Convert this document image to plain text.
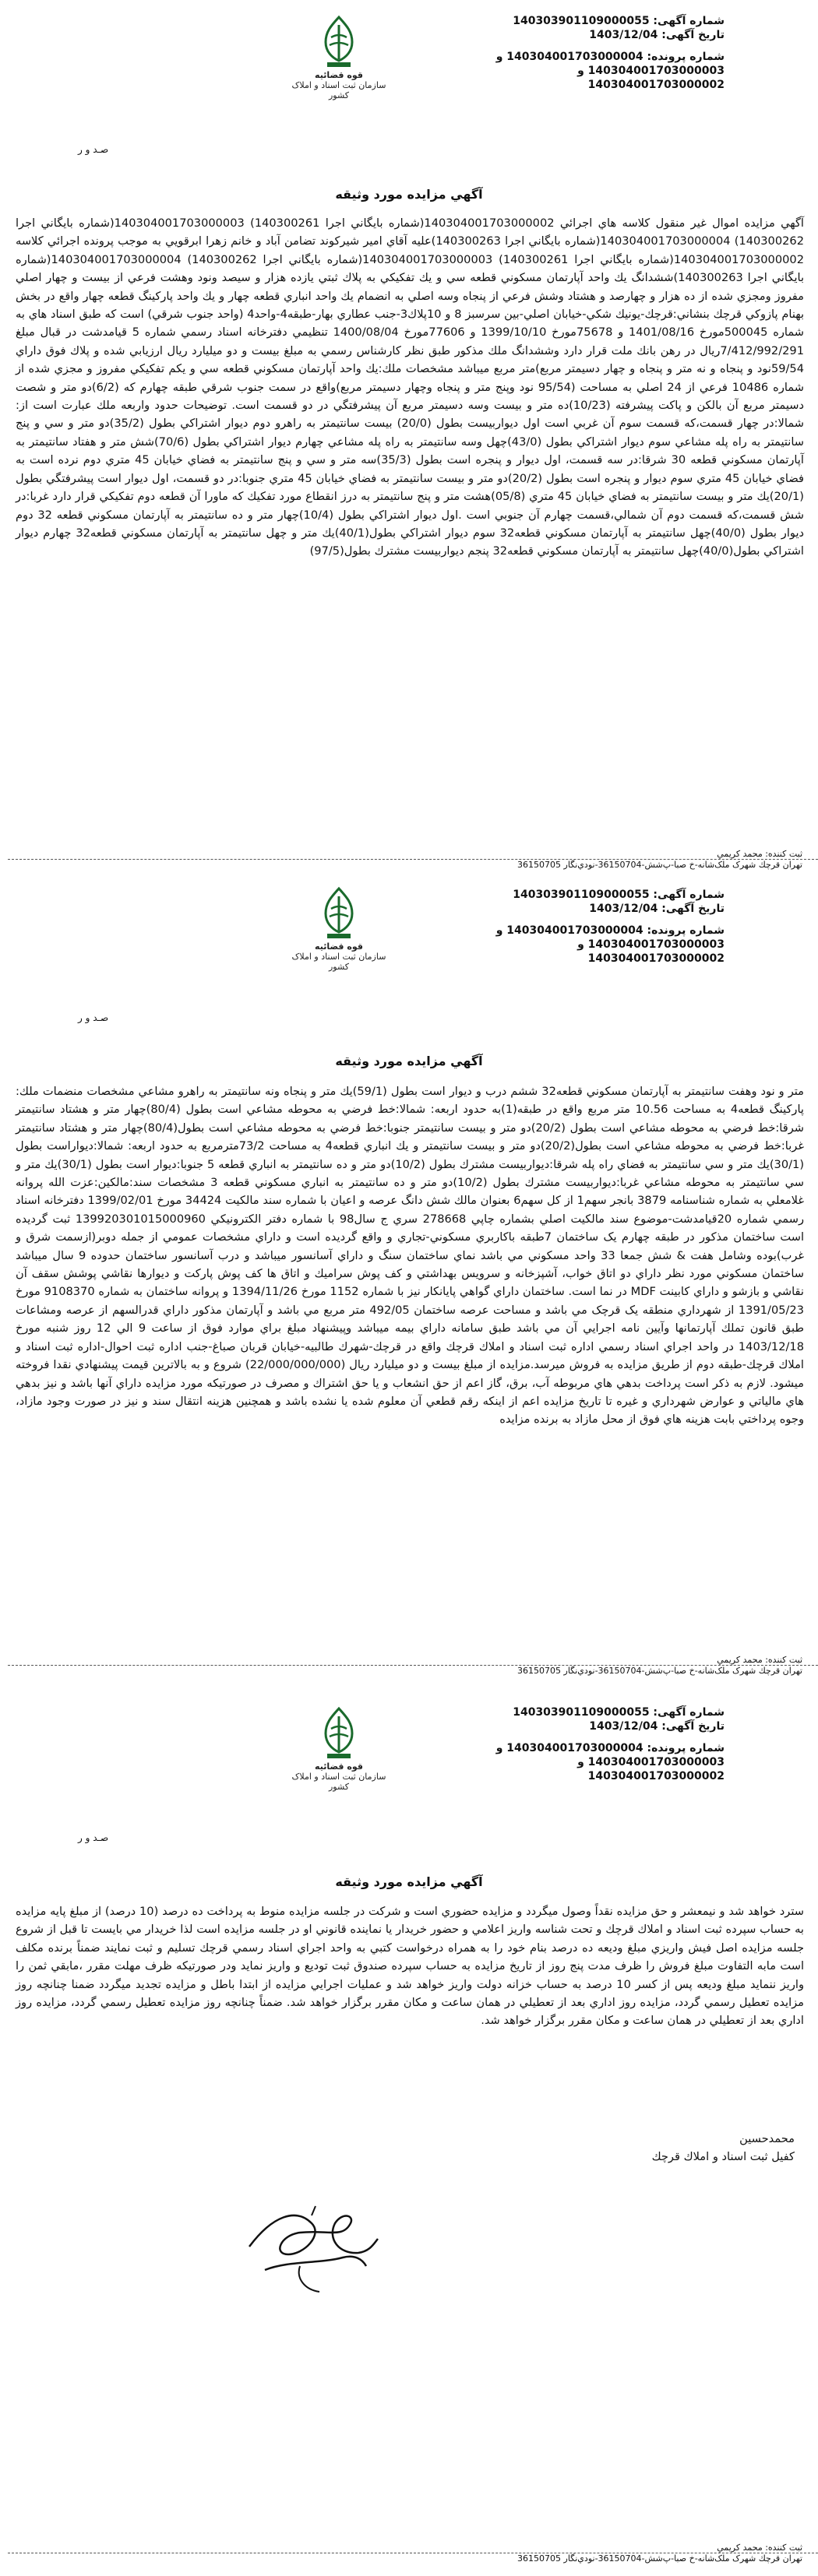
شماره آگهی: 140303901109000055
تاریخ آگهی: 1403/12/04
شماره پرونده: 140304001703000004 و
140304001703000003 و
140304001703000002
قوه قضائیه
سازمان ثبت اسناد و املاک کشور
صـد و ر
آگهي مزايده مورد وثيقه

آگهي مزايده اموال غير منقول كلاسه هاي اجرائي 140304001703000002(شماره بايگاني اجرا 140300261) 140304001703000003(شماره بايگاني اجرا 140300262) 140304001703000004(شماره بايگاني اجرا 140300263)عليه آقاي امير شيركوند تضامن آباد و خانم زهرا ابرقويي به موجب پرونده اجرائي كلاسه 140304001703000002(شماره بايگاني اجرا 140300261) 140304001703000003(شماره بايگاني اجرا 140300262) 140304001703000004(شماره بايگاني اجرا 140300263)ششدانگ يك واحد آپارتمان مسكوني قطعه سي و يك تفكيكي به پلاك ثبتي يازده هزار و سيصد ونود وهشت فرعي از بيست و چهار اصلي مفروز ومجزي شده از ده هزار و چهارصد و هشتاد وشش فرعي از پنجاه وسه اصلي به انضمام يك واحد انباري قطعه چهار و يك واحد پاركينگ قطعه چهار واقع در بخش بهنام پازوكي قرچك بنشاني:قرچك-يونيك شكي-خيابان اصلي-بين سرسبز 8 و 10پلاك3-جنب عطاري بهار-طبقه4-واحد4 (واحد جنوب شرقي) است كه طبق اسناد هاي به شماره 500045مورخ 1401/08/16 و 75678مورخ 1399/10/10 و 77606مورخ 1400/08/04 تنظيمي دفترخانه اسناد رسمي شماره 5 قيامدشت در قبال مبلغ 7/412/992/291ريال در رهن بانك ملت قرار دارد وششدانگ ملك مذكور طبق نظر كارشناس رسمي به مبلغ بيست و دو ميليارد ريال ارزيابي شده و پلاك فوق داراي 59/54نود و پنجاه و نه متر و پنجاه و چهار دسيمتر مربع)متر مربع ميباشد مشخصات ملك:يك واحد آپارتمان مسكوني قطعه سي و يكم تفكيكي مفروز و مجزي شده از شماره 10486 فرعي از 24 اصلي به مساحت (95/54 نود وپنج متر و پنجاه وچهار دسيمتر مربع)واقع در سمت جنوب شرقي طبقه چهارم كه (6/2)دو متر و شصت دسيمتر مربع آن بالكن و پاكت پيشرفته (10/23)ده متر و بيست وسه دسيمتر مربع آن پيشرفتگي در دو قسمت است. توضيحات حدود واربعه ملك عبارت است از: شمالا:در چهار قسمت،كه قسمت سوم آن غربي است اول ديواربيست بطول (20/0) بيست سانتيمتر به راهرو دوم ديوار اشتراكي بطول (35/2)دو متر و سي و پنج سانتيمتر به راه پله مشاعي سوم ديوار اشتراكي بطول (43/0)چهل وسه سانتيمتر به راه پله مشاعي چهارم ديوار اشتراكي بطول (70/6)شش متر و هفتاد سانتيمتر به آپارتمان مسكوني قطعه 30 شرقا:در سه قسمت، اول ديوار و پنجره است بطول (35/3)سه متر و سي و پنج سانتيمتر به فضاي خيابان 45 متري دوم نرده است به فضاي خيابان 45 متري سوم ديوار و پنجره است بطول (20/2)دو متر و بيست سانتيمتر به فضاي خيابان 45 متري جنوبا:در دو قسمت، اول ديوار است پيشرفتگي بطول (20/1)يك متر و بيست سانتيمتر به فضاي خيابان 45 متري (05/8)هشت متر و پنج سانتيمتر به درز انقطاع مورد تفكيك كه ماورا آن قطعه دوم تفكيكي قرار دارد غربا:در شش قسمت،كه قسمت دوم آن شمالي،قسمت چهارم آن جنوبي است .اول ديوار اشتراكي بطول (10/4)چهار متر و ده سانتيمتر به آپارتمان مسكوني قطعه 32 دوم ديوار بطول (40/0)چهل سانتيمتر به آپارتمان مسكوني قطعه32 سوم ديوار اشتراكي بطول(40/1)يك متر و چهل سانتيمتر به آپارتمان مسكوني قطعه32 چهارم ديوار اشتراكي بطول(40/0)چهل سانتيمتر به آپارتمان مسكوني قطعه32 پنجم ديواربيست مشترك بطول(97/5)

ثبت كننده: محمد كريمي
تهران قرچك شهرک ملک‌شانه-خ صبا-پ‌شش-36150704-نودي‌نگار 36150705
شماره آگهی: 140303901109000055
تاریخ آگهی: 1403/12/04
شماره پرونده: 140304001703000004 و
140304001703000003 و
140304001703000002
قوه قضائیه
سازمان ثبت اسناد و املاک کشور
صـد و ر
آگهي مزايده مورد وثيقه

متر و نود وهفت سانتيمتر به آپارتمان مسكوني قطعه32 ششم درب و ديوار است بطول (59/1)يك متر و پنجاه ونه سانتيمتر به راهرو مشاعي مشخصات منضمات ملك: پاركينگ قطعه4 به مساحت 10.56 متر مربع واقع در طبقه(1)به حدود اربعه: شمالا:خط فرضي به محوطه مشاعي است بطول (80/4)چهار متر و هشتاد سانتيمتر شرقا:خط فرضي به محوطه مشاعي است بطول (20/2)دو متر و بيست سانتيمتر جنوبا:خط فرضي به محوطه مشاعي است بطول(80/4)چهار متر و هشتاد سانتيمتر غربا:خط فرضي به محوطه مشاعي است بطول(20/2)دو متر و بيست سانتيمتر و يك انباري قطعه4 به مساحت 73/2مترمربع به حدود اربعه: شمالا:ديواراست بطول (30/1)يك متر و سي سانتيمتر به فضاي راه پله شرقا:ديواربيست مشترك بطول (10/2)دو متر و ده سانتيمتر به انباري قطعه 5 جنوبا:ديوار است بطول (30/1)يك متر و سي سانتيمتر به محوطه مشاعي غربا:ديواربيست مشترك بطول (10/2)دو متر و ده سانتيمتر به انباري مسكوني قطعه 3 مشخصات سند:مالكين:عزت الله پروانه غلامعلي به شماره شناسنامه 3879 بانجر سهم1 از كل سهم6 بعنوان مالك شش دانگ عرصه و اعيان با شماره سند مالكيت 34424 مورخ 1399/02/01 دفترخانه اسناد رسمي شماره 20قيامدشت-موضوع سند مالكيت اصلي بشماره چاپي 278668 سري ج سال98 با شماره دفتر الكترونيكي 139920301015000960 ثبت گرديده است ساختمان مذكور در طبقه چهارم يک ساختمان 7طبقه باكاربري مسكوني-تجاري و واقع گرديده است و داراي مشخصات عمومي از جمله دوبر(ازسمت شرق و غرب)بوده وشامل هفت & شش جمعا 33 واحد مسكوني مي باشد نماي ساختمان سنگ و داراي آسانسور ميباشد و درب آسانسور ساختمان حدوده 9 سال ميباشد ساختمان مسكوني مورد نظر داراي دو اتاق خواب، آشپزخانه و سرويس بهداشتي و كف پوش سراميك و اتاق ها كف پوش پاركت و ديوارها نقاشي پوشش سقف آن نقاشي و بازشو و داراي كابينت MDF در نما است. ساختمان داراي گواهي پايانكار نيز با شماره 1152 مورخ 1394/11/26 و پروانه ساختمان به شماره 9108370 مورخ 1391/05/23 از شهرداري منطقه يک قرچک مي باشد و مساحت عرصه ساختمان 492/05 متر مربع مي باشد و آپارتمان مذكور داراي قدرالسهم از عرصه ومشاعات طبق قانون تملك آپارتمانها وآيين نامه اجرايي آن مي باشد طبق سامانه داراي بيمه ميباشد وپيشنهاد مبلغ براي موارد فوق از ساعت 9 الي 12 روز شنبه مورخ 1403/12/18 در واحد اجراي اسناد رسمي اداره ثبت اسناد و املاك قرچك واقع در قرچك-شهرك طالبيه-خيابان قربان صباغ-جنب اداره ثبت احوال-اداره ثبت اسناد و املاك قرچك-طبقه دوم از طريق مزايده به فروش ميرسد.مزايده از مبلغ بيست و دو ميليارد ريال (22/000/000/000) شروع و به بالاترين قيمت پيشنهادي نقدا فروخته ميشود. لازم به ذكر است پرداخت بدهي هاي مربوطه آب، برق، گاز اعم از حق انشعاب و يا حق اشتراك و مصرف در صورتيكه مورد مزايده داراي آنها باشد و نيز بدهي هاي مالياتي و عوارض شهرداري و غيره تا تاريخ مزايده اعم از اينكه رقم قطعي آن معلوم شده يا نشده باشد و همچنين هزينه انتقال سند و نيز در صورت وجود مازاد، وجوه پرداختي بابت هزينه هاي فوق از محل مازاد به برنده مزايده

ثبت كننده: محمد كريمي
تهران قرچك شهرک ملک‌شانه-خ صبا-پ‌شش-36150704-نودي‌نگار 36150705
شماره آگهی: 140303901109000055
تاریخ آگهی: 1403/12/04
شماره پرونده: 140304001703000004 و
140304001703000003 و
140304001703000002
قوه قضائیه
سازمان ثبت اسناد و املاک کشور
صـد و ر
آگهي مزايده مورد وثيقه

سترد خواهد شد و نيمعشر و حق مزايده نقداً وصول ميگردد و مزايده حضوري است و شركت در جلسه مزايده منوط به پرداخت ده درصد (10 درصد) از مبلغ پايه مزايده به حساب سپرده ثبت اسناد و املاك قرچك و تحت شناسه واريز اعلامي و حضور خريدار يا نماينده قانوني او در جلسه مزايده است لذا خريدار مي بايست تا قبل از شروع جلسه مزايده اصل فيش واريزي مبلغ وديعه ده درصد بنام خود را به همراه درخواست كتبي به واحد اجراي اسناد رسمي قرچك تسليم و ثبت نمايند ضمناً برنده مكلف است مابه التفاوت مبلغ فروش را ظرف مدت پنج روز از تاريخ مزايده به حساب سپرده صندوق ثبت توديع و واريز نمايد ودر صورتيكه ظرف مهلت مقرر ،مابقي ثمن را واريز ننمايد مبلغ وديعه پس از كسر 10 درصد به حساب خزانه دولت واريز خواهد شد و عمليات اجرايي مزايده از ابتدا باطل و مزايده تجديد ميگردد ضمنا چنانچه روز مزايده تعطيل رسمي گردد، مزايده روز اداري بعد از تعطيلي در همان ساعت و مكان مقرر برگزار خواهد شد. ضمناً چنانچه روز مزايده تعطيل رسمي گردد، مزايده روز اداري بعد از تعطيلي در همان ساعت و مكان مقرر برگزار خواهد شد.

محمدحسين
كفيل ثبت اسناد و املاك قرچك
ثبت كننده: محمد كريمي
تهران قرچك شهرک ملک‌شانه-خ صبا-پ‌شش-36150704-نودي‌نگار 36150705
